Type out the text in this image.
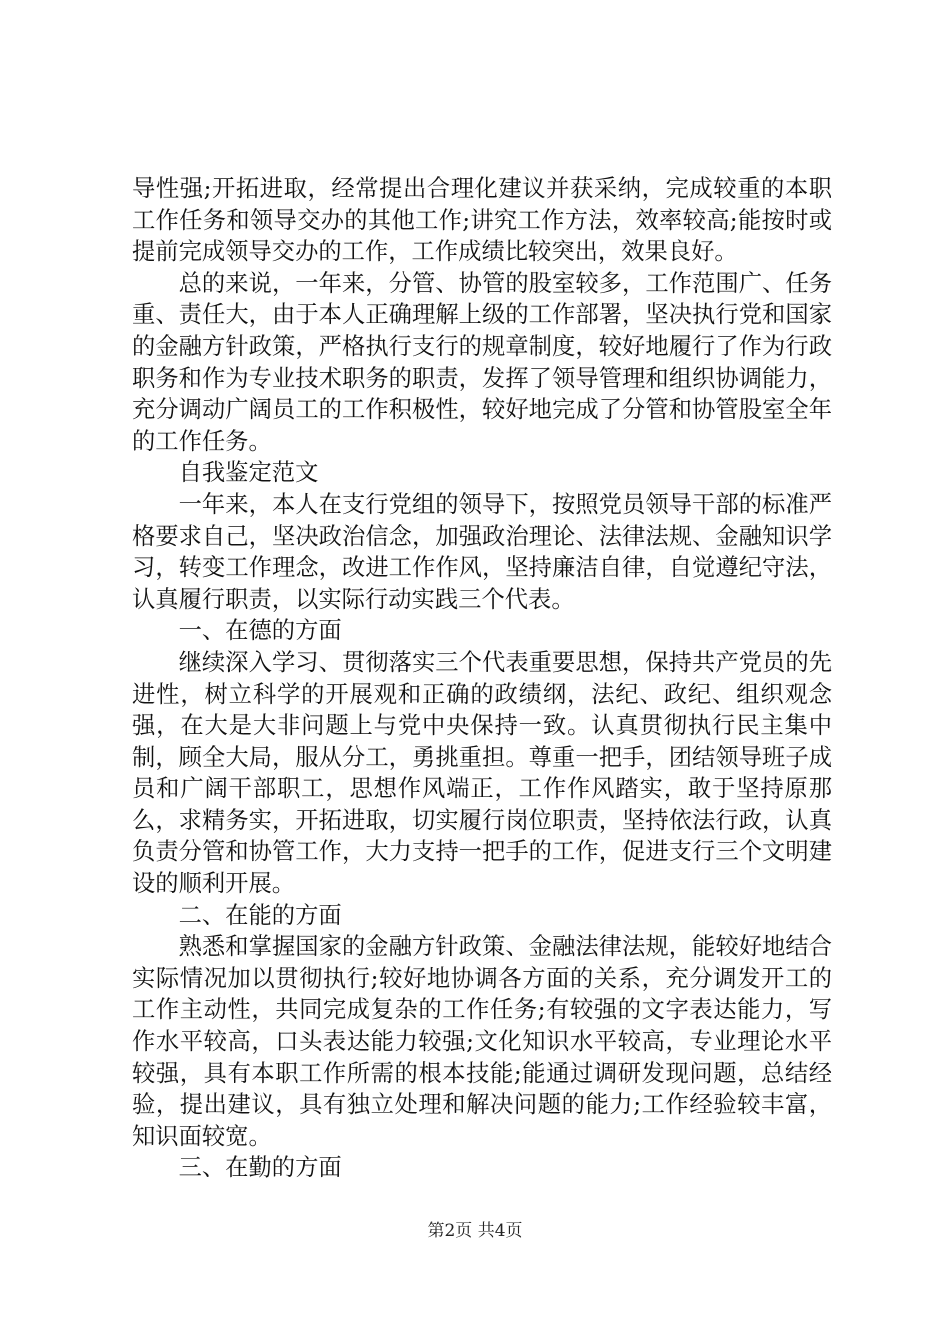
导性强;开拓进取，经常提出合理化建议并获采纳，完成较重的本职工作任务和领导交办的其他工作;讲究工作方法，效率较高;能按时或提前完成领导交办的工作，工作成绩比较突出，效果良好。

总的来说，一年来，分管、协管的股室较多，工作范围广、任务重、责任大，由于本人正确理解上级的工作部署，坚决执行党和国家的金融方针政策，严格执行支行的规章制度，较好地履行了作为行政职务和作为专业技术职务的职责，发挥了领导管理和组织协调能力，充分调动广阔员工的工作积极性，较好地完成了分管和协管股室全年的工作任务。

自我鉴定范文

一年来，本人在支行党组的领导下，按照党员领导干部的标准严格要求自己，坚决政治信念，加强政治理论、法律法规、金融知识学习，转变工作理念，改进工作作风，坚持廉洁自律，自觉遵纪守法，认真履行职责，以实际行动实践三个代表。

一、在德的方面

继续深入学习、贯彻落实三个代表重要思想，保持共产党员的先进性，树立科学的开展观和正确的政绩纲，法纪、政纪、组织观念强，在大是大非问题上与党中央保持一致。认真贯彻执行民主集中制，顾全大局，服从分工，勇挑重担。尊重一把手，团结领导班子成员和广阔干部职工，思想作风端正，工作作风踏实，敢于坚持原那么，求精务实，开拓进取，切实履行岗位职责，坚持依法行政，认真负责分管和协管工作，大力支持一把手的工作，促进支行三个文明建设的顺利开展。

二、在能的方面

熟悉和掌握国家的金融方针政策、金融法律法规，能较好地结合实际情况加以贯彻执行;较好地协调各方面的关系，充分调发开工的工作主动性，共同完成复杂的工作任务;有较强的文字表达能力，写作水平较高，口头表达能力较强;文化知识水平较高，专业理论水平较强，具有本职工作所需的根本技能;能通过调研发现问题，总结经验，提出建议，具有独立处理和解决问题的能力;工作经验较丰富，知识面较宽。

三、在勤的方面

第2页 共4页
